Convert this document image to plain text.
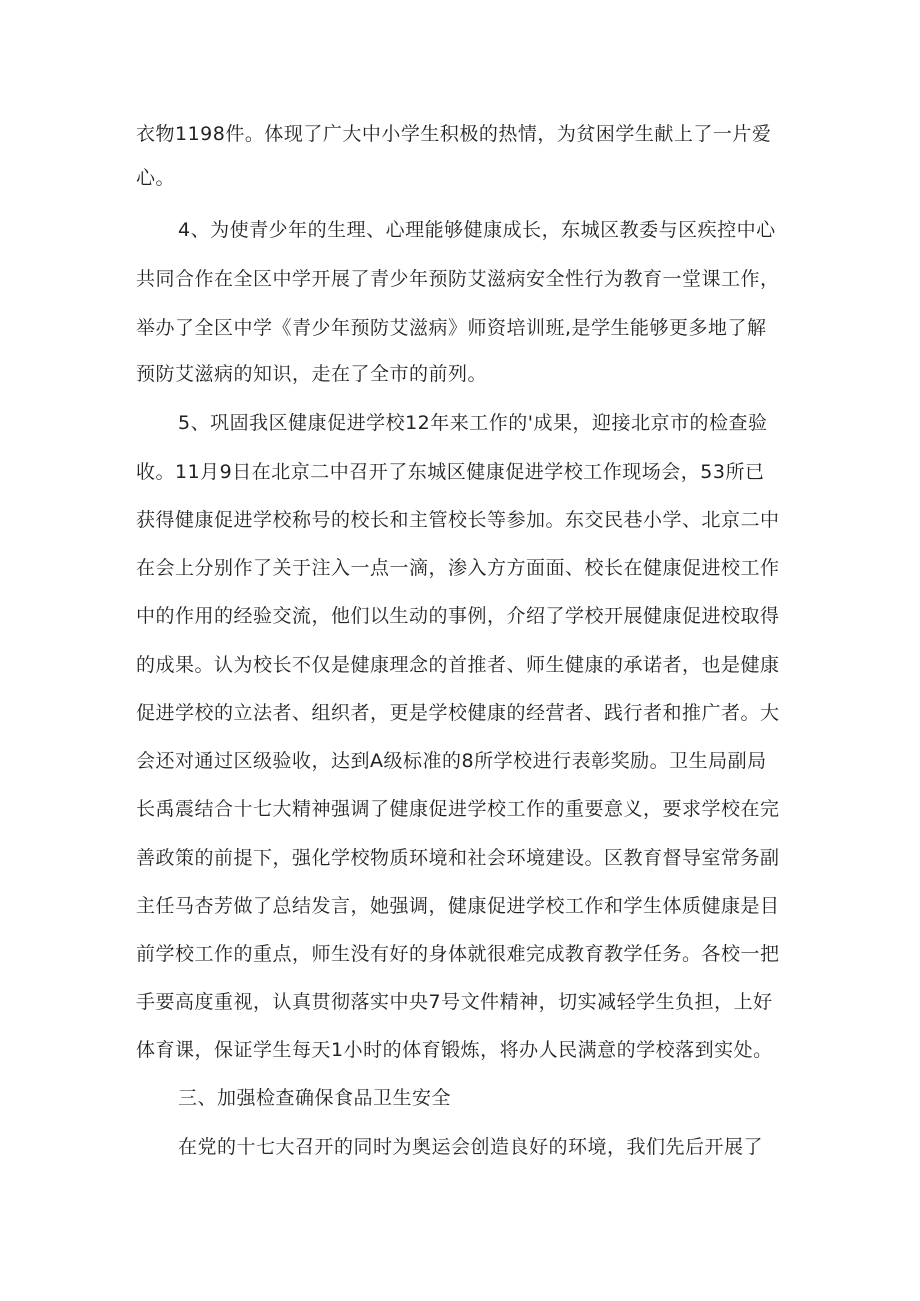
衣物1198件。体现了广大中小学生积极的热情，为贫困学生献上了一片爱
心。
4、为使青少年的生理、心理能够健康成长，东城区教委与区疾控中心
共同合作在全区中学开展了青少年预防艾滋病安全性行为教育一堂课工作，
举办了全区中学《青少年预防艾滋病》师资培训班,是学生能够更多地了解
预防艾滋病的知识，走在了全市的前列。
5、巩固我区健康促进学校12年来工作的'成果，迎接北京市的检查验
收。11月9日在北京二中召开了东城区健康促进学校工作现场会，53所已
获得健康促进学校称号的校长和主管校长等参加。东交民巷小学、北京二中
在会上分别作了关于注入一点一滴，渗入方方面面、校长在健康促进校工作
中的作用的经验交流，他们以生动的事例，介绍了学校开展健康促进校取得
的成果。认为校长不仅是健康理念的首推者、师生健康的承诺者，也是健康
促进学校的立法者、组织者，更是学校健康的经营者、践行者和推广者。大
会还对通过区级验收，达到A级标准的8所学校进行表彰奖励。卫生局副局
长禹震结合十七大精神强调了健康促进学校工作的重要意义，要求学校在完
善政策的前提下，强化学校物质环境和社会环境建设。区教育督导室常务副
主任马杏芳做了总结发言，她强调，健康促进学校工作和学生体质健康是目
前学校工作的重点，师生没有好的身体就很难完成教育教学任务。各校一把
手要高度重视，认真贯彻落实中央7号文件精神，切实减轻学生负担，上好
体育课，保证学生每天1小时的体育锻炼，将办人民满意的学校落到实处。
三、加强检查确保食品卫生安全
在党的十七大召开的同时为奥运会创造良好的环境，我们先后开展了
